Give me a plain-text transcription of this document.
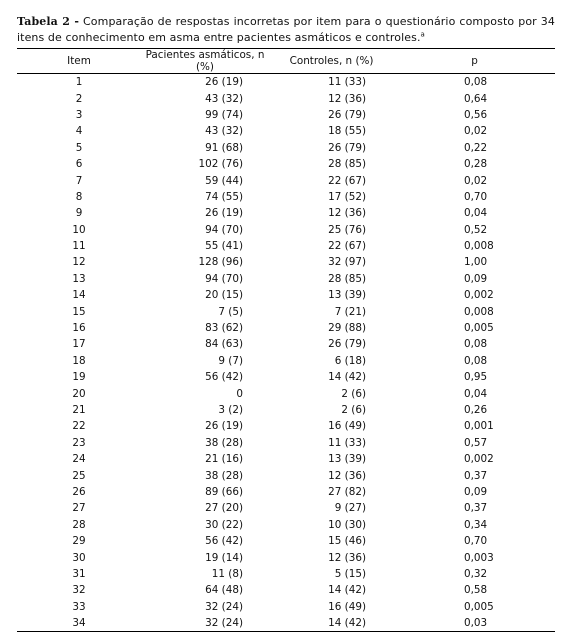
Tabela 2 - Comparação de respostas incorretas por item para o questionário composto por 34 itens de conhecimento em asma entre pacientes asmáticos e controles.$^a$
Item	Pacientes asmáticos, n (%)	Controles, n (%)	p
1	26 (19)	11 (33)	0,08
2	43 (32)	12 (36)	0,64
3	99 (74)	26 (79)	0,56
4	43 (32)	18 (55)	0,02
5	91 (68)	26 (79)	0,22
6	102 (76)	28 (85)	0,28
7	59 (44)	22 (67)	0,02
8	74 (55)	17 (52)	0,70
9	26 (19)	12 (36)	0,04
10	94 (70)	25 (76)	0,52
11	55 (41)	22 (67)	0,008
12	128 (96)	32 (97)	1,00
13	94 (70)	28 (85)	0,09
14	20 (15)	13 (39)	0,002
15	7 (5)	7 (21)	0,008
16	83 (62)	29 (88)	0,005
17	84 (63)	26 (79)	0,08
18	9 (7)	6 (18)	0,08
19	56 (42)	14 (42)	0,95
20	0	2 (6)	0,04
21	3 (2)	2 (6)	0,26
22	26 (19)	16 (49)	0,001
23	38 (28)	11 (33)	0,57
24	21 (16)	13 (39)	0,002
25	38 (28)	12 (36)	0,37
26	89 (66)	27 (82)	0,09
27	27 (20)	9 (27)	0,37
28	30 (22)	10 (30)	0,34
29	56 (42)	15 (46)	0,70
30	19 (14)	12 (36)	0,003
31	11 (8)	5 (15)	0,32
32	64 (48)	14 (42)	0,58
33	32 (24)	16 (49)	0,005
34	32 (24)	14 (42)	0,03
